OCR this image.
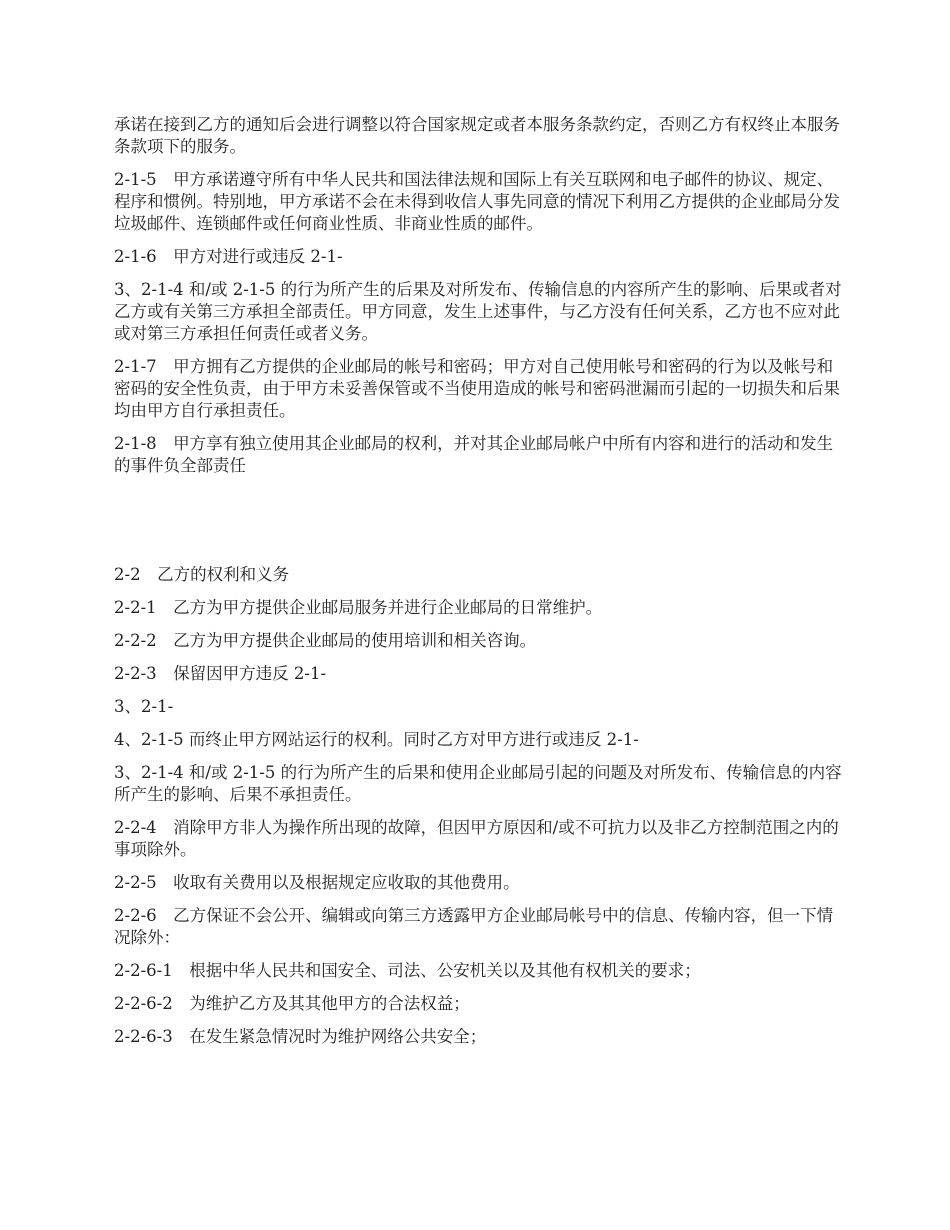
承诺在接到乙方的通知后会进行调整以符合国家规定或者本服务条款约定，否则乙方有权终止本服务条款项下的服务。

2-1-5　甲方承诺遵守所有中华人民共和国法律法规和国际上有关互联网和电子邮件的协议、规定、程序和惯例。特别地，甲方承诺不会在未得到收信人事先同意的情况下利用乙方提供的企业邮局分发垃圾邮件、连锁邮件或任何商业性质、非商业性质的邮件。

2-1-6　甲方对进行或违反 2-1-

3、2-1-4 和/或 2-1-5 的行为所产生的后果及对所发布、传输信息的内容所产生的影响、后果或者对乙方或有关第三方承担全部责任。甲方同意，发生上述事件，与乙方没有任何关系，乙方也不应对此或对第三方承担任何责任或者义务。

2-1-7　甲方拥有乙方提供的企业邮局的帐号和密码；甲方对自己使用帐号和密码的行为以及帐号和密码的安全性负责，由于甲方未妥善保管或不当使用造成的帐号和密码泄漏而引起的一切损失和后果均由甲方自行承担责任。

2-1-8　甲方享有独立使用其企业邮局的权利，并对其企业邮局帐户中所有内容和进行的活动和发生的事件负全部责任

2-2　乙方的权利和义务

2-2-1　乙方为甲方提供企业邮局服务并进行企业邮局的日常维护。

2-2-2　乙方为甲方提供企业邮局的使用培训和相关咨询。

2-2-3　保留因甲方违反 2-1-

3、2-1-

4、2-1-5 而终止甲方网站运行的权利。同时乙方对甲方进行或违反 2-1-

3、2-1-4 和/或 2-1-5 的行为所产生的后果和使用企业邮局引起的问题及对所发布、传输信息的内容所产生的影响、后果不承担责任。

2-2-4　消除甲方非人为操作所出现的故障，但因甲方原因和/或不可抗力以及非乙方控制范围之内的事项除外。

2-2-5　收取有关费用以及根据规定应收取的其他费用。

2-2-6　乙方保证不会公开、编辑或向第三方透露甲方企业邮局帐号中的信息、传输内容，但一下情况除外：

2-2-6-1　根据中华人民共和国安全、司法、公安机关以及其他有权机关的要求；

2-2-6-2　为维护乙方及其其他甲方的合法权益；

2-2-6-3　在发生紧急情况时为维护网络公共安全；
